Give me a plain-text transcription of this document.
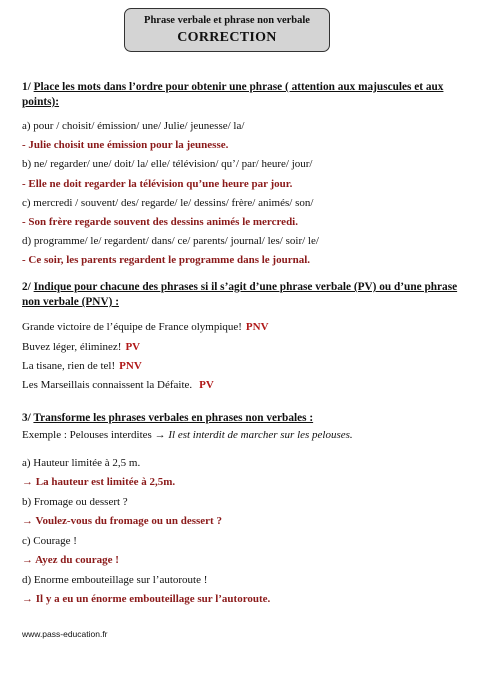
Phrase verbale et phrase non verbale
CORRECTION
1/ Place les mots dans l’ordre pour obtenir une phrase ( attention aux majuscules et aux
points):
a) pour / choisit/ émission/ une/ Julie/ jeunesse/ la/
- Julie choisit une émission pour la jeunesse.
b) ne/ regarder/ une/ doit/ la/ elle/ télévision/ qu’/ par/ heure/ jour/
- Elle ne doit regarder la télévision qu’une heure par jour.
c) mercredi / souvent/ des/ regarde/ le/ dessins/ frère/ animés/ son/
- Son frère regarde souvent des dessins animés le mercredi.
d) programme/ le/ regardent/ dans/ ce/ parents/ journal/ les/ soir/ le/
- Ce soir, les parents regardent le programme dans le journal.
2/ Indique pour chacune des phrases si il s’agit d’une phrase verbale (PV) ou d’une phrase
non verbale (PNV) :
Grande victoire de l’équipe de France olympique! PNV
Buvez léger, éliminez! PV
La tisane, rien de tel! PNV
Les Marseillais connaissent la Défaite. PV
3/ Transforme les phrases verbales en phrases non verbales :
Exemple : Pelouses interdites → Il est interdit de marcher sur les pelouses.
a) Hauteur limitée à 2,5 m.
→ La hauteur est limitée à 2,5m.
b) Fromage ou dessert ?
→ Voulez-vous du fromage ou un dessert ?
c) Courage !
→ Ayez du courage !
d) Enorme embouteillage sur l’autoroute !
→ Il y a eu un énorme embouteillage sur l’autoroute.
www.pass-education.fr
